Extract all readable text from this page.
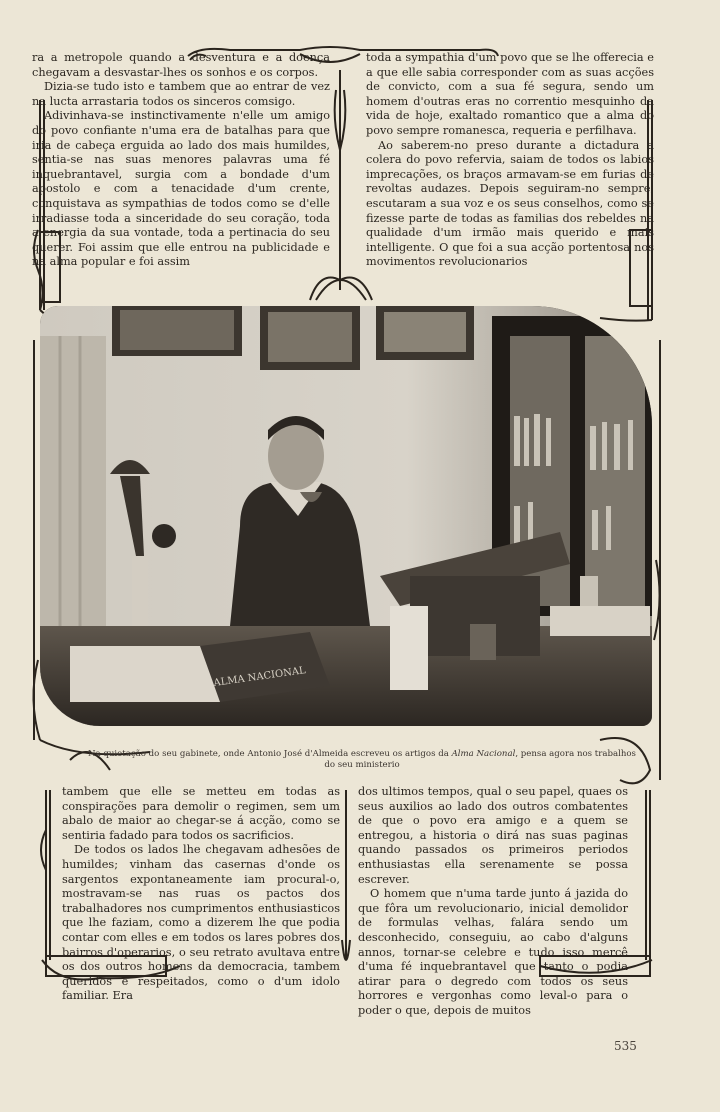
ra a metropole quando a desventura e a doença chegavam a desvastar-lhes os sonhos e os corpos.

Dizia-se tudo isto e tambem que ao entrar de vez na lucta arrastaria todos os sinceros comsigo.

Adivinhava-se instinctivamente n'elle um amigo do povo confiante n'uma era de batalhas para que iria de cabeça erguida ao lado dos mais humildes, sentia-se nas suas menores palavras uma fé inquebrantavel, surgia com a bondade d'um apostolo e com a tenacidade d'um crente, conquistava as sympathias de todos como se d'elle irradiasse toda a sinceridade do seu coração, toda a energia da sua vontade, toda a pertinacia do seu querer. Foi assim que elle entrou na publicidade e na alma popular e foi assim

toda a sympathia d'um povo que se lhe offerecia e a que elle sabia corresponder com as suas acções de convicto, com a sua fé segura, sendo um homem d'outras eras no correntio mesquinho da vida de hoje, exaltado romantico que a alma do povo sempre romanesca, requeria e perfilhava.

Ao saberem-no preso durante a dictadura a colera do povo refervia, saiam de todos os labios imprecações, os braços armavam-se em furias de revoltas audazes. Depois seguiram-no sempre, escutaram a sua voz e os seus conselhos, como se fizesse parte de todas as familias dos rebeldes na qualidade d'um irmão mais querido e mais intelligente. O que foi a sua acção portentosa nos movimentos revolucionarios

ALMA NACIONAL
Na quietação do seu gabinete, onde Antonio José d'Almeida escreveu os artigos da Alma Nacional, pensa agora nos trabalhos do seu ministerio

tambem que elle se metteu em todas as conspirações para demolir o regimen, sem um abalo de maior ao chegar-se á acção, como se sentiria fadado para todos os sacrificios.

De todos os lados lhe chegavam adhesões de humildes; vinham das casernas d'onde os sargentos expontaneamente iam procural-o, mostravam-se nas ruas os pactos dos trabalhadores nos cumprimentos enthusiasticos que lhe faziam, como a dizerem lhe que podia contar com elles e em todos os lares pobres dos bairros d'operarios, o seu retrato avultava entre os dos outros homens da democracia, tambem queridos e respeitados, como o d'um idolo familiar. Era

dos ultimos tempos, qual o seu papel, quaes os seus auxilios ao lado dos outros combatentes de que o povo era amigo e a quem se entregou, a historia o dirá nas suas paginas quando passados os primeiros periodos enthusiastas ella serenamente se possa escrever.

O homem que n'uma tarde junto á jazida do que fôra um revolucionario, inicial demolidor de formulas velhas, falára sendo um desconhecido, conseguiu, ao cabo d'alguns annos, tornar-se celebre e tudo isso mercê d'uma fé inquebrantavel que tanto o podia atirar para o degredo com todos os seus horrores e vergonhas como leval-o para o poder o que, depois de muitos

535
